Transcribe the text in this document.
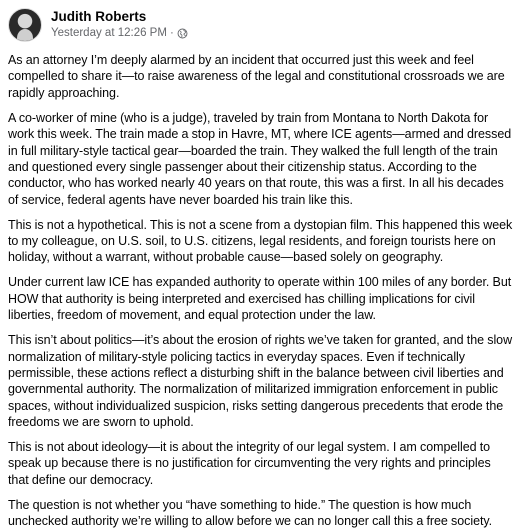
Judith Roberts
Yesterday at 12:26 PM ·

As an attorney I’m deeply alarmed by an incident that occurred just this week and feel compelled to share it—to raise awareness of the legal and constitutional crossroads we are rapidly approaching.

A co-worker of mine (who is a judge), traveled by train from Montana to North Dakota for work this week. The train made a stop in Havre, MT, where ICE agents—armed and dressed in full military-style tactical gear—boarded the train. They walked the full length of the train and questioned every single passenger about their citizenship status. According to the conductor, who has worked nearly 40 years on that route, this was a first. In all his decades of service, federal agents have never boarded his train like this.

This is not a hypothetical. This is not a scene from a dystopian film. This happened this week to my colleague, on U.S. soil, to U.S. citizens, legal residents, and foreign tourists here on holiday, without a warrant, without probable cause—based solely on geography.

Under current law ICE has expanded authority to operate within 100 miles of any border. But HOW that authority is being interpreted and exercised has chilling implications for civil liberties, freedom of movement, and equal protection under the law.

This isn’t about politics—it’s about the erosion of rights we’ve taken for granted, and the slow normalization of military-style policing tactics in everyday spaces. Even if technically permissible, these actions reflect a disturbing shift in the balance between civil liberties and governmental authority. The normalization of militarized immigration enforcement in public spaces, without individualized suspicion, risks setting dangerous precedents that erode the freedoms we are sworn to uphold.

This is not about ideology—it is about the integrity of our legal system. I am compelled to speak up because there is no justification for circumventing the very rights and principles that define our democracy.

The question is not whether you “have something to hide.” The question is how much unchecked authority we’re willing to allow before we can no longer call this a free society.
